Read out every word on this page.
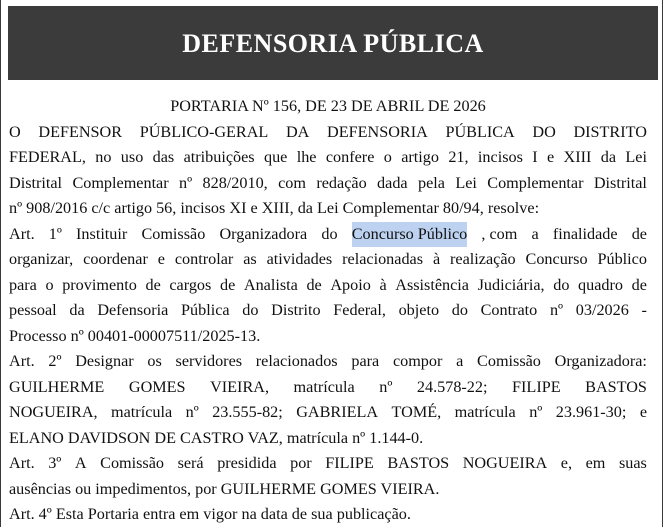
DEFENSORIA PÚBLICA
PORTARIA Nº 156, DE 23 DE ABRIL DE 2026
O DEFENSOR PÚBLICO-GERAL DA DEFENSORIA PÚBLICA DO DISTRITO
FEDERAL, no uso das atribuições que lhe confere o artigo 21, incisos I e XIII da Lei
Distrital Complementar nº 828/2010, com redação dada pela Lei Complementar Distrital
nº 908/2016 c/c artigo 56, incisos XI e XIII, da Lei Complementar 80/94, resolve:
Art. 1º Instituir Comissão Organizadora do Concurso Público , com a finalidade de
organizar, coordenar e controlar as atividades relacionadas à realização Concurso Público
para o provimento de cargos de Analista de Apoio à Assistência Judiciária, do quadro de
pessoal da Defensoria Pública do Distrito Federal, objeto do Contrato nº 03/2026 -
Processo nº 00401-00007511/2025-13.
Art. 2º Designar os servidores relacionados para compor a Comissão Organizadora:
GUILHERME GOMES VIEIRA, matrícula nº 24.578-22; FILIPE BASTOS
NOGUEIRA, matrícula nº 23.555-82; GABRIELA TOMÉ, matrícula nº 23.961-30; e
ELANO DAVIDSON DE CASTRO VAZ, matrícula nº 1.144-0.
Art. 3º A Comissão será presidida por FILIPE BASTOS NOGUEIRA e, em suas
ausências ou impedimentos, por GUILHERME GOMES VIEIRA.
Art. 4º Esta Portaria entra em vigor na data de sua publicação.
